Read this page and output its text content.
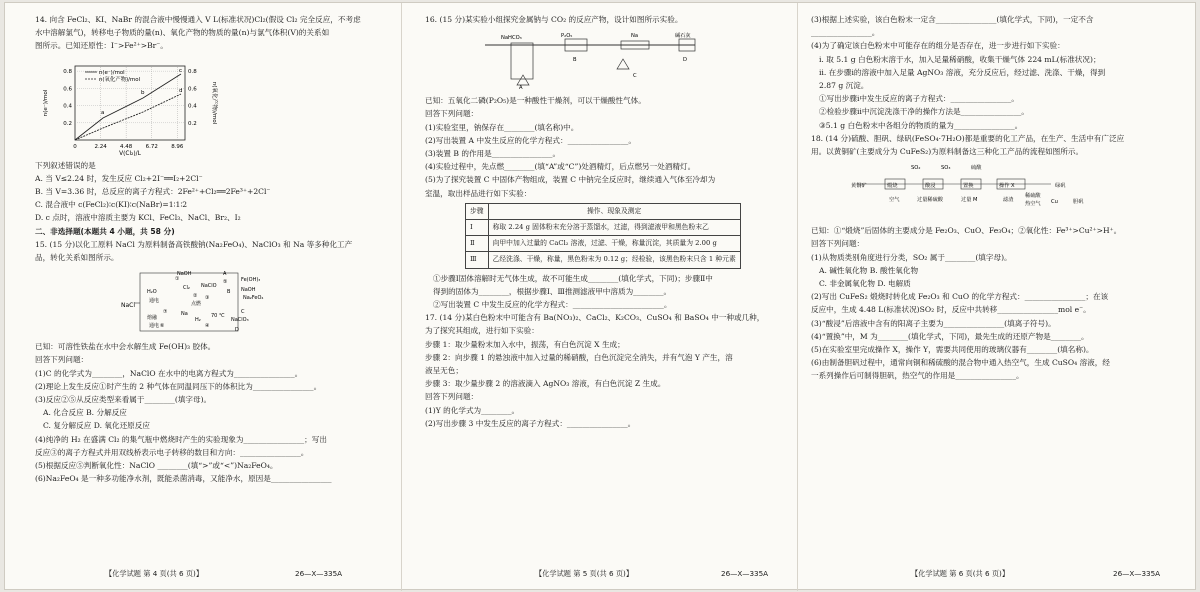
14. 向含 FeCl₂、KI、NaBr 的混合液中慢慢通入 V L(标准状况)Cl₂(假设 Cl₂ 完全反应，不考虑
水中溶解氯气)，转移电子物质的量(n)、氧化产物的物质的量(n)与氯气体积(V)的关系如
图所示。已知还原性：I⁻>Fe²⁺>Br⁻。
0	2.24 4.48 6.72 8.96
0.2
0.4
0.6
0.8
0.2
0.4
0.6
0.8
V(Cl₂)/L
n(e⁻)/mol	n(氧化产物)/mol
n(e⁻)/mol
n(氧化产物)/mol
a
b
c
d
下列叙述错误的是
A. 当 V≤2.24 时，发生反应 Cl₂+2I⁻══I₂+2Cl⁻
B. 当 V=3.36 时，总反应的离子方程式：2Fe²⁺+Cl₂══2Fe³⁺+2Cl⁻
C. 混合液中 c(FeCl₂)∶c(KI)∶c(NaBr)=1∶1∶2
D. c 点时，溶液中溶质主要为 KCl、FeCl₃、NaCl、Br₂、I₂
二、非选择题(本题共 4 小题，共 58 分)
15. (15 分)以化工原料 NaCl 为原料制备高铁酸钠(Na₂FeO₄)、NaClO₃ 和 Na 等多种化工产
品，转化关系如图所示。
NaCl
H₂O
通电
①
熔融
通电 ⑥
NaOH
Cl₂
②
点燃
NaClO
⑤	Fe(OH)₃
NaOH
③	Na₂FeO₄
Na
⑦
H₂
④
70 ℃
NaClO₃
A
B
C
D
已知：可溶性铁盐在水中会水解生成 Fe(OH)₃ 胶体。
回答下列问题：
(1)C 的化学式为________，NaClO 在水中的电离方程式为________________。
(2)理论上发生反应①时产生的 2 种气体在同温同压下的体积比为________________。
(3)反应②⑤从反应类型来看属于________(填字母)。
A. 化合反应 B. 分解反应
C. 复分解反应 D. 氧化还原反应
(4)纯净的 H₂ 在盛满 Cl₂ 的集气瓶中燃烧时产生的实验现象为________________；写出
反应③的离子方程式并用双线桥表示电子转移的数目和方向：________________。
(5)根据反应⑤判断氧化性：NaClO ________(填“>”或“<”)Na₂FeO₄。
(6)Na₂FeO₄ 是一种多功能净水剂，既能杀菌消毒，又能净水，原因是________________
【化学试题 第 4 页(共 6 页)】	26—X—335A
16. (15 分)某实验小组探究金属钠与 CO₂ 的反应产物，设计如图所示实验。
NaHCO₃	P₂O₅	Na	碱石灰
A
B
C
D
已知：五氧化二磷(P₂O₅)是一种酸性干燥剂，可以干燥酸性气体。
回答下列问题：
(1)实验室里，钠保存在________(填名称)中。
(2)写出装置 A 中发生反应的化学方程式：________________。
(3)装置 B 的作用是________________。
(4)实验过程中，先点燃________(填“A”或“C”)处酒精灯，后点燃另一处酒精灯。
(5)为了探究装置 C 中固体产物组成，装置 C 中钠完全反应时，继续通入气体至冷却为
室温，取出样品进行如下实验：
步骤	操作、现象及测定
Ⅰ	称取 2.24 g 固体粉末充分溶于蒸馏水，过滤，得到滤液甲和黑色粉末乙
Ⅱ	向甲中加入过量的 CaCl₂ 溶液，过滤、干燥，称量沉淀，其质量为 2.00 g
Ⅲ	乙经洗涤、干燥，称量，黑色粉末为 0.12 g；经检验，该黑色粉末只含 1 种元素
①步骤Ⅰ固体溶解时无气体生成，故不可能生成________(填化学式，下同)；步骤Ⅱ中
得到的固体为________，根据步骤Ⅰ、Ⅲ推测滤液甲中溶质为________。
②写出装置 C 中发生反应的化学方程式：________________________。
17. (14 分)某白色粉末中可能含有 Ba(NO₃)₂、CaCl₂、K₂CO₃、CuSO₄ 和 BaSO₄ 中一种或几种，
为了探究其组成，进行如下实验：
步骤 1：取少量粉末加入水中，振荡，有白色沉淀 X 生成；
步骤 2：向步骤 1 的悬浊液中加入过量的稀硝酸，白色沉淀完全消失，并有气泡 Y 产生，溶
液呈无色；
步骤 3：取少量步骤 2 的溶液滴入 AgNO₃ 溶液，有白色沉淀 Z 生成。
回答下列问题：
(1)Y 的化学式为________。
(2)写出步骤 3 中发生反应的离子方程式：________________。
【化学试题 第 5 页(共 6 页)】	26—X—335A
(3)根据上述实验，该白色粉末一定含________________(填化学式，下同)，一定不含
________________。
(4)为了确定该白色粉末中可能存在的组分是否存在，进一步进行如下实验：
ⅰ. 取 5.1 g 白色粉末溶于水，加入足量稀硝酸，收集干燥气体 224 mL(标准状况)；
ⅱ. 在步骤ⅰ的溶液中加入足量 AgNO₃ 溶液，充分反应后，经过滤、洗涤、干燥，得到
2.87 g 沉淀。
①写出步骤ⅰ中发生反应的离子方程式：________________。
②检验步骤ⅱ中沉淀洗涤干净的操作方法是________________。
③5.1 g 白色粉末中各组分的物质的量为________________。
18. (14 分)硫酸、胆矾、绿矾(FeSO₄·7H₂O)都是重要的化工产品，在生产、生活中有广泛应
用。以黄铜矿(主要成分为 CuFeS₂)为原料制备这三种化工产品的流程如图所示。
SO₂	SO₃	硫酸
黄铜矿	煅烧	酸浸	置换	操作 X	绿矾
空气	过量稀硫酸	过量 M	滤渣
稀硫酸
热空气 Cu	胆矾
已知：①“煅烧”后固体的主要成分是 Fe₂O₃、CuO、Fe₃O₄；②氧化性：Fe³⁺>Cu²⁺>H⁺。
回答下列问题：
(1)从物质类别角度进行分类，SO₂ 属于________(填字母)。
A. 碱性氧化物 B. 酸性氧化物
C. 非金属氧化物 D. 电解质
(2)写出 CuFeS₂ 煅烧时转化成 Fe₂O₃ 和 CuO 的化学方程式：________________；在该
反应中，生成 4.48 L(标准状况)SO₂ 时，反应中共转移________________mol e⁻。
(3)“酸浸”后溶液中含有的阳离子主要为________________(填离子符号)。
(4)“置换”中，M 为________(填化学式，下同)，最先生成的还原产物是________。
(5)在实验室里完成操作 X，操作 Y，需要共同使用的玻璃仪器有________(填名称)。
(6)由制备胆矾过程中，通常向铜和稀硫酸的混合物中通入热空气，生成 CuSO₄ 溶液，经
一系列操作后可制得胆矾，热空气的作用是________________。
【化学试题 第 6 页(共 6 页)】	26—X—335A
